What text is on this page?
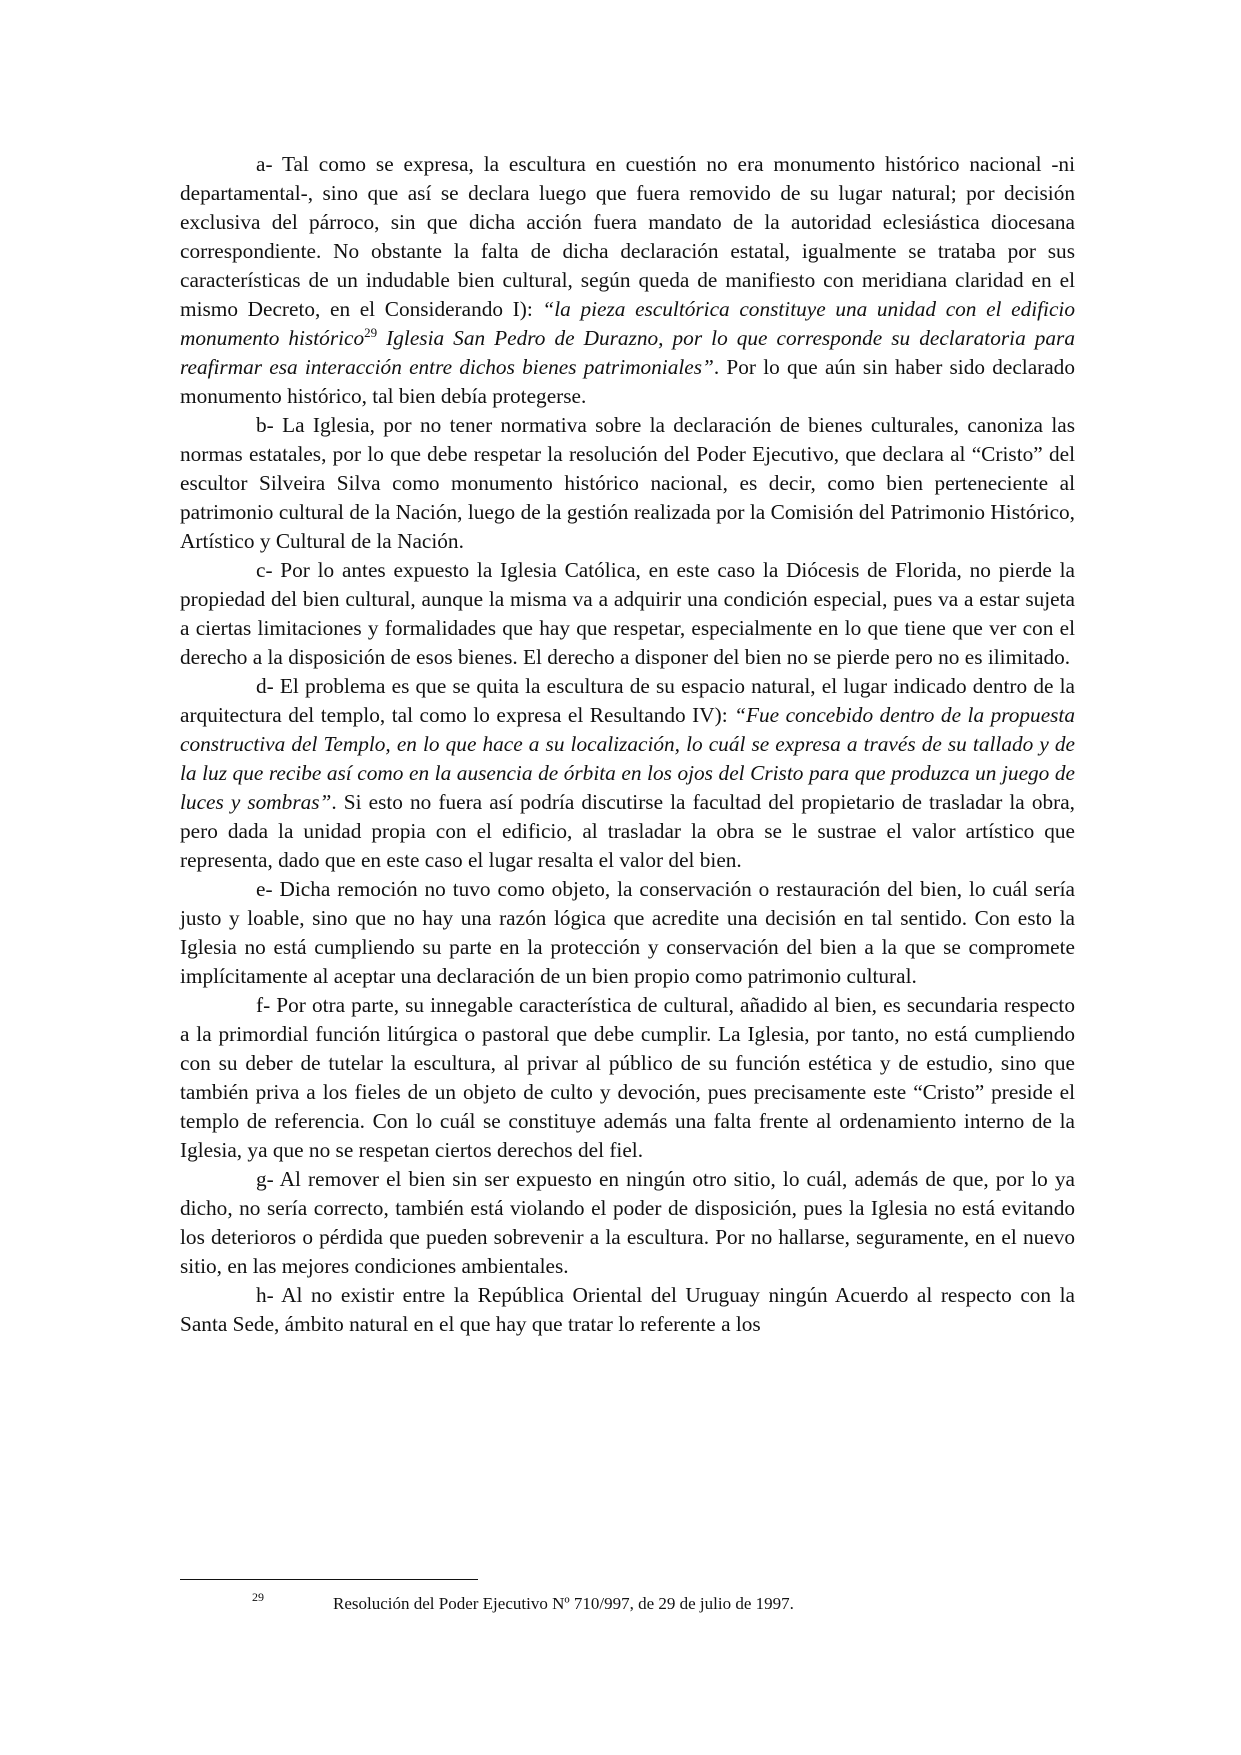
a- Tal como se expresa, la escultura en cuestión no era monumento histórico nacional -ni departamental-, sino que así se declara luego que fuera removido de su lugar natural; por decisión exclusiva del párroco, sin que dicha acción fuera mandato de la autoridad eclesiástica diocesana correspondiente. No obstante la falta de dicha declaración estatal, igualmente se trataba por sus características de un indudable bien cultural, según queda de manifiesto con meridiana claridad en el mismo Decreto, en el Considerando I): “la pieza escultórica constituye una unidad con el edificio monumento histórico$^{29}$ Iglesia San Pedro de Durazno, por lo que corresponde su declaratoria para reafirmar esa interacción entre dichos bienes patrimoniales”. Por lo que aún sin haber sido declarado monumento histórico, tal bien debía protegerse.

b- La Iglesia, por no tener normativa sobre la declaración de bienes culturales, canoniza las normas estatales, por lo que debe respetar la resolución del Poder Ejecutivo, que declara al “Cristo” del escultor Silveira Silva como monumento histórico nacional, es decir, como bien perteneciente al patrimonio cultural de la Nación, luego de la gestión realizada por la Comisión del Patrimonio Histórico, Artístico y Cultural de la Nación.

c- Por lo antes expuesto la Iglesia Católica, en este caso la Diócesis de Florida, no pierde la propiedad del bien cultural, aunque la misma va a adquirir una condición especial, pues va a estar sujeta a ciertas limitaciones y formalidades que hay que respetar, especialmente en lo que tiene que ver con el derecho a la disposición de esos bienes. El derecho a disponer del bien no se pierde pero no es ilimitado.

d- El problema es que se quita la escultura de su espacio natural, el lugar indicado dentro de la arquitectura del templo, tal como lo expresa el Resultando IV): “Fue concebido dentro de la propuesta constructiva del Templo, en lo que hace a su localización, lo cuál se expresa a través de su tallado y de la luz que recibe así como en la ausencia de órbita en los ojos del Cristo para que produzca un juego de luces y sombras”. Si esto no fuera así podría discutirse la facultad del propietario de trasladar la obra, pero dada la unidad propia con el edificio, al trasladar la obra se le sustrae el valor artístico que representa, dado que en este caso el lugar resalta el valor del bien.

e- Dicha remoción no tuvo como objeto, la conservación o restauración del bien, lo cuál sería justo y loable, sino que no hay una razón lógica que acredite una decisión en tal sentido. Con esto la Iglesia no está cumpliendo su parte en la protección y conservación del bien a la que se compromete implícitamente al aceptar una declaración de un bien propio como patrimonio cultural.

f- Por otra parte, su innegable característica de cultural, añadido al bien, es secundaria respecto a la primordial función litúrgica o pastoral que debe cumplir. La Iglesia, por tanto, no está cumpliendo con su deber de tutelar la escultura, al privar al público de su función estética y de estudio, sino que también priva a los fieles de un objeto de culto y devoción, pues precisamente este “Cristo” preside el templo de referencia. Con lo cuál se constituye además una falta frente al ordenamiento interno de la Iglesia, ya que no se respetan ciertos derechos del fiel.

g- Al remover el bien sin ser expuesto en ningún otro sitio, lo cuál, además de que, por lo ya dicho, no sería correcto, también está violando el poder de disposición, pues la Iglesia no está evitando los deterioros o pérdida que pueden sobrevenir a la escultura. Por no hallarse, seguramente, en el nuevo sitio, en las mejores condiciones ambientales.

h- Al no existir entre la República Oriental del Uruguay ningún Acuerdo al respecto con la Santa Sede, ámbito natural en el que hay que tratar lo referente a los

29	Resolución del Poder Ejecutivo Nº 710/997, de 29 de julio de 1997.
